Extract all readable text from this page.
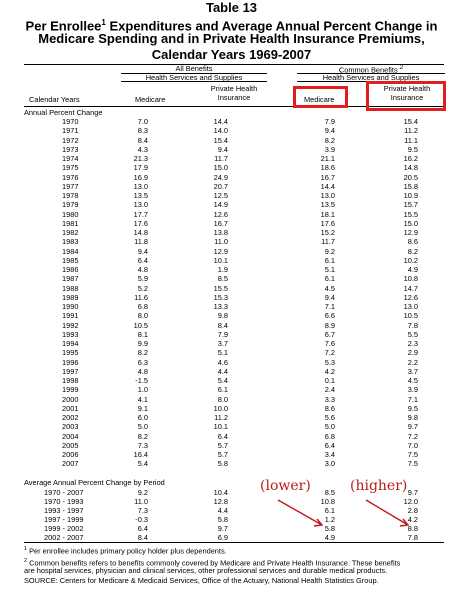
Table 13
Per Enrollee$^1$ Expenditures and Average Annual Percent Change in
Medicare Spending and in Private Health Insurance Premiums,
Calendar Years 1969-2007
All Benefits	Common Benefits $^2$
Health Services and Supplies	Health Services and Supplies
Calendar Years	Medicare
Private Health
Insurance	Medicare
Private Health
Insurance
Annual Percent Change
1970	7.0	14.4	7.9	15.4
1971	8.3	14.0	9.4	11.2
1972	8.4	15.4	8.2	11.1
1973	4.3	9.4	3.9	9.5
1974	21.3	11.7	21.1	16.2
1975	17.9	15.0	18.6	14.8
1976	16.9	24.9	16.7	20.5
1977	13.0	20.7	14.4	15.8
1978	13.5	12.5	13.0	10.9
1979	13.0	14.9	13.5	15.7
1980	17.7	12.6	18.1	15.5
1981	17.6	16.7	17.6	15.0
1982	14.8	13.8	15.2	12.9
1983	11.8	11.0	11.7	8.6
1984	9.4	12.9	9.2	8.2
1985	6.4	10.1	6.1	10.2
1986	4.8	1.9	5.1	4.9
1987	5.9	8.5	6.1	10.8
1988	5.2	15.5	4.5	14.7
1989	11.6	15.3	9.4	12.6
1990	6.8	13.3	7.1	13.0
1991	8.0	9.8	6.6	10.5
1992	10.5	8.4	8.9	7.8
1993	8.1	7.9	6.7	5.5
1994	9.9	3.7	7.6	2.3
1995	8.2	5.1	7.2	2.9
1996	6.3	4.6	5.3	2.2
1997	4.8	4.4	4.2	3.7
1998	-1.5	5.4	0.1	4.5
1999	1.0	6.1	2.4	3.9
2000	4.1	8.0	3.3	7.1
2001	9.1	10.0	8.6	9.5
2002	6.0	11.2	5.6	9.8
2003	5.0	10.1	5.0	9.7
2004	8.2	6.4	6.8	7.2
2005	7.3	5.7	6.4	7.0
2006	16.4	5.7	3.4	7.5
2007	5.4	5.8	3.0	7.5
Average Annual Percent Change by Period
1970 - 2007	9.2	10.4	8.5	9.7
1970 - 1993	11.0	12.8	10.8	12.0
1993 - 1997	7.3	4.4	6.1	2.8
1997 - 1999	-0.3	5.8	1.2	4.2
1999 - 2002	6.4	9.7	5.8	8.8
2002 - 2007	8.4	6.9	4.9	7.8
(lower)	(higher)
$^1$ Per enrollee includes primary policy holder plus dependents.
$^2$ Common benefits refers to benefits commonly covered by Medicare and Private Health Insurance. These benefits
are hospital services, physician and clinical services, other professional services and durable medical products.
SOURCE: Centers for Medicare & Medicaid Services, Office of the Actuary, National Health Statistics Group.
